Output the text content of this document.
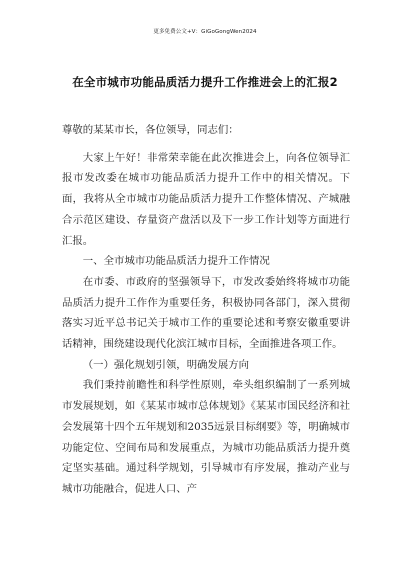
更多免费公文+V：GiGoGongWen2024
在全市城市功能品质活力提升工作推进会上的汇报2

尊敬的某某市长，各位领导，同志们：

大家上午好！非常荣幸能在此次推进会上，向各位领导汇报市发改委在城市功能品质活力提升工作中的相关情况。下面，我将从全市城市功能品质活力提升工作整体情况、产城融合示范区建设、存量资产盘活以及下一步工作计划等方面进行汇报。

一、全市城市功能品质活力提升工作情况

在市委、市政府的坚强领导下，市发改委始终将城市功能品质活力提升工作作为重要任务，积极协同各部门，深入贯彻落实习近平总书记关于城市工作的重要论述和考察安徽重要讲话精神，围绕建设现代化滨江城市目标，全面推进各项工作。

（一）强化规划引领，明确发展方向

我们秉持前瞻性和科学性原则，牵头组织编制了一系列城市发展规划，如《某某市城市总体规划》《某某市国民经济和社会发展第十四个五年规划和2035远景目标纲要》等，明确城市功能定位、空间布局和发展重点，为城市功能品质活力提升奠定坚实基础。通过科学规划，引导城市有序发展，推动产业与城市功能融合，促进人口、产
